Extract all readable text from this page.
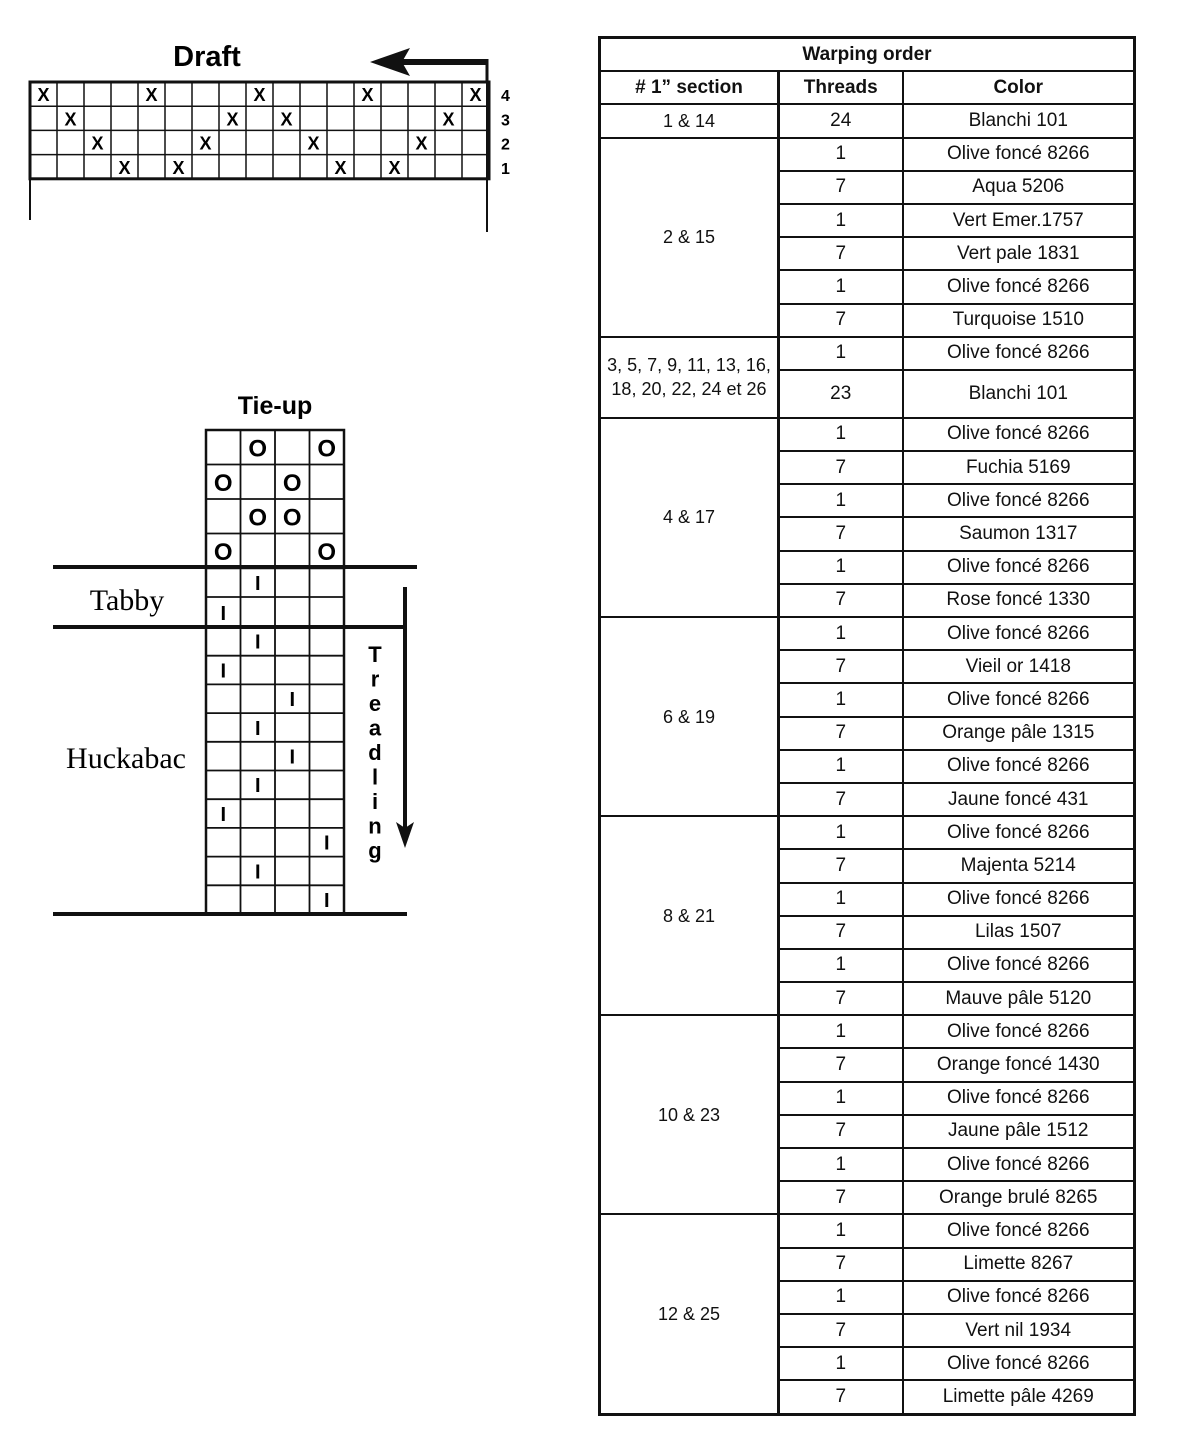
Draft
X
X
X
X
X
X
X
X
X
X
X
X
X
X
X
X
X 4
3
2
1
Tie-up
O O
O O
O O
O	O
I
I
I
I
I
I
I
I
I
I
I
I
Tabby
Huckabac
T
r
e
a
d
l
i
n
g
Warping order		
# 1” section	Threads	Color
1 & 14	24	Blanchi 101
2 & 15	1	Olive foncé 8266
	7	Aqua 5206
	1	Vert Emer.1757
	7	Vert pale 1831
	1	Olive foncé 8266
	7	Turquoise 1510
3, 5, 7, 9, 11, 13, 16, 18, 20, 22, 24 et 26	1	Olive foncé 8266
	23	Blanchi 101
4 & 17	1	Olive foncé 8266
	7	Fuchia 5169
	1	Olive foncé 8266
	7	Saumon 1317
	1	Olive foncé 8266
	7	Rose foncé 1330
6 & 19	1	Olive foncé 8266
	7	Vieil or 1418
	1	Olive foncé 8266
	7	Orange pâle 1315
	1	Olive foncé 8266
	7	Jaune foncé 431
8 & 21	1	Olive foncé 8266
	7	Majenta 5214
	1	Olive foncé 8266
	7	Lilas 1507
	1	Olive foncé 8266
	7	Mauve pâle 5120
10 & 23	1	Olive foncé 8266
	7	Orange foncé 1430
	1	Olive foncé 8266
	7	Jaune pâle 1512
	1	Olive foncé 8266
	7	Orange brulé 8265
12 & 25	1	Olive foncé 8266
	7	Limette 8267
	1	Olive foncé 8266
	7	Vert nil 1934
	1	Olive foncé 8266
	7	Limette pâle 4269
